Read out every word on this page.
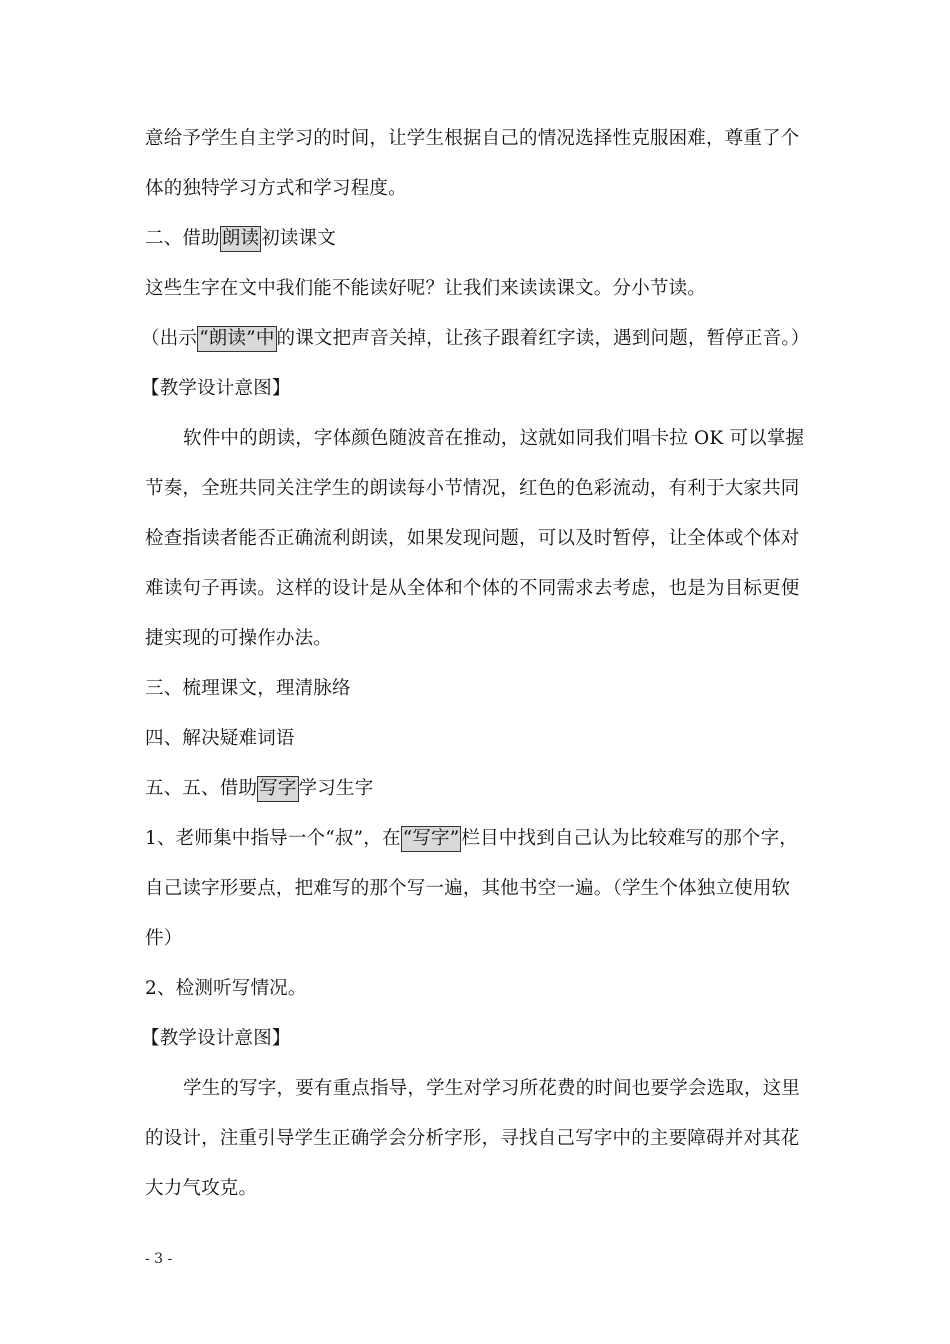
意给予学生自主学习的时间，让学生根据自己的情况选择性克服困难，尊重了个
体的独特学习方式和学习程度。
二、借助 朗读 初读课文
这些生字在文中我们能不能读好呢？让我们来读读课文。分小节读。
（出示 “朗读”中 的课文把声音关掉，让孩子跟着红字读，遇到问题，暂停正音。）
【教学设计意图】
软件中的朗读，字体颜色随波音在推动，这就如同我们唱卡拉 OK 可以掌握
节奏，全班共同关注学生的朗读每小节情况，红色的色彩流动，有利于大家共同
检查指读者能否正确流利朗读，如果发现问题，可以及时暂停，让全体或个体对
难读句子再读。这样的设计是从全体和个体的不同需求去考虑，也是为目标更便
捷实现的可操作办法。
三、梳理课文，理清脉络
四、解决疑难词语
五、五、借助 写字 学习生字
1、老师集中指导一个“叔”，在 “写字” 栏目中找到自己认为比较难写的那个字，
自己读字形要点，把难写的那个写一遍，其他书空一遍。（学生个体独立使用软
件）
2、检测听写情况。
【教学设计意图】
学生的写字，要有重点指导，学生对学习所花费的时间也要学会选取，这里
的设计，注重引导学生正确学会分析字形，寻找自己写字中的主要障碍并对其花
大力气攻克。
- 3 -
